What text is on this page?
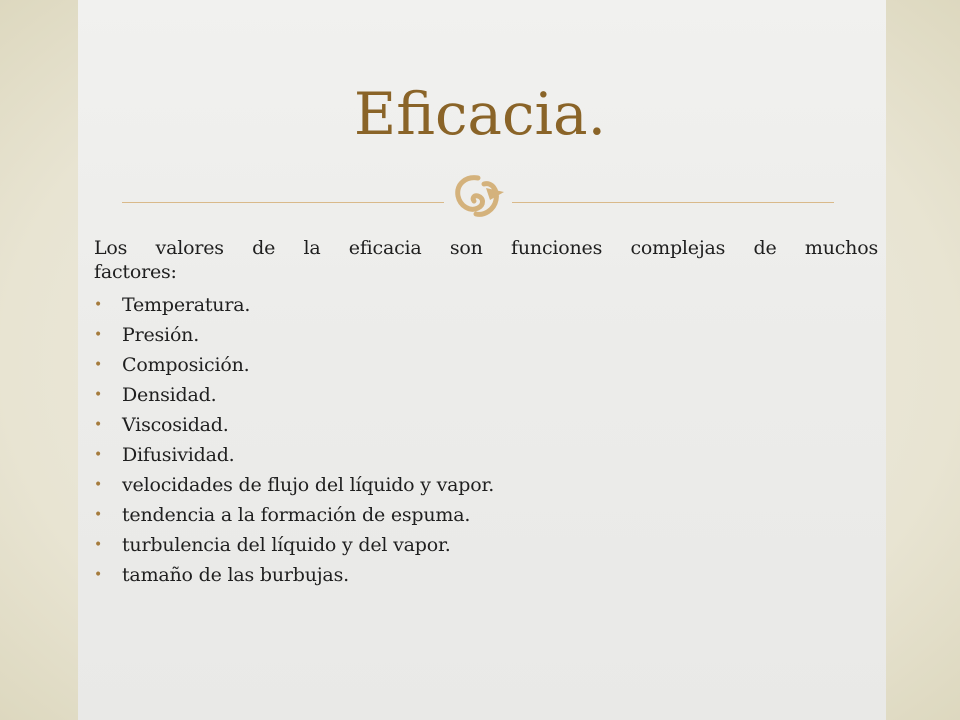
Eficacia.

Los valores de la eficacia son funciones complejas de muchos
factores:

• Temperatura.
• Presión.
• Composición.
• Densidad.
• Viscosidad.
• Difusividad.
• velocidades de flujo del líquido y vapor.
• tendencia a la formación de espuma.
• turbulencia del líquido y del vapor.
• tamaño de las burbujas.
